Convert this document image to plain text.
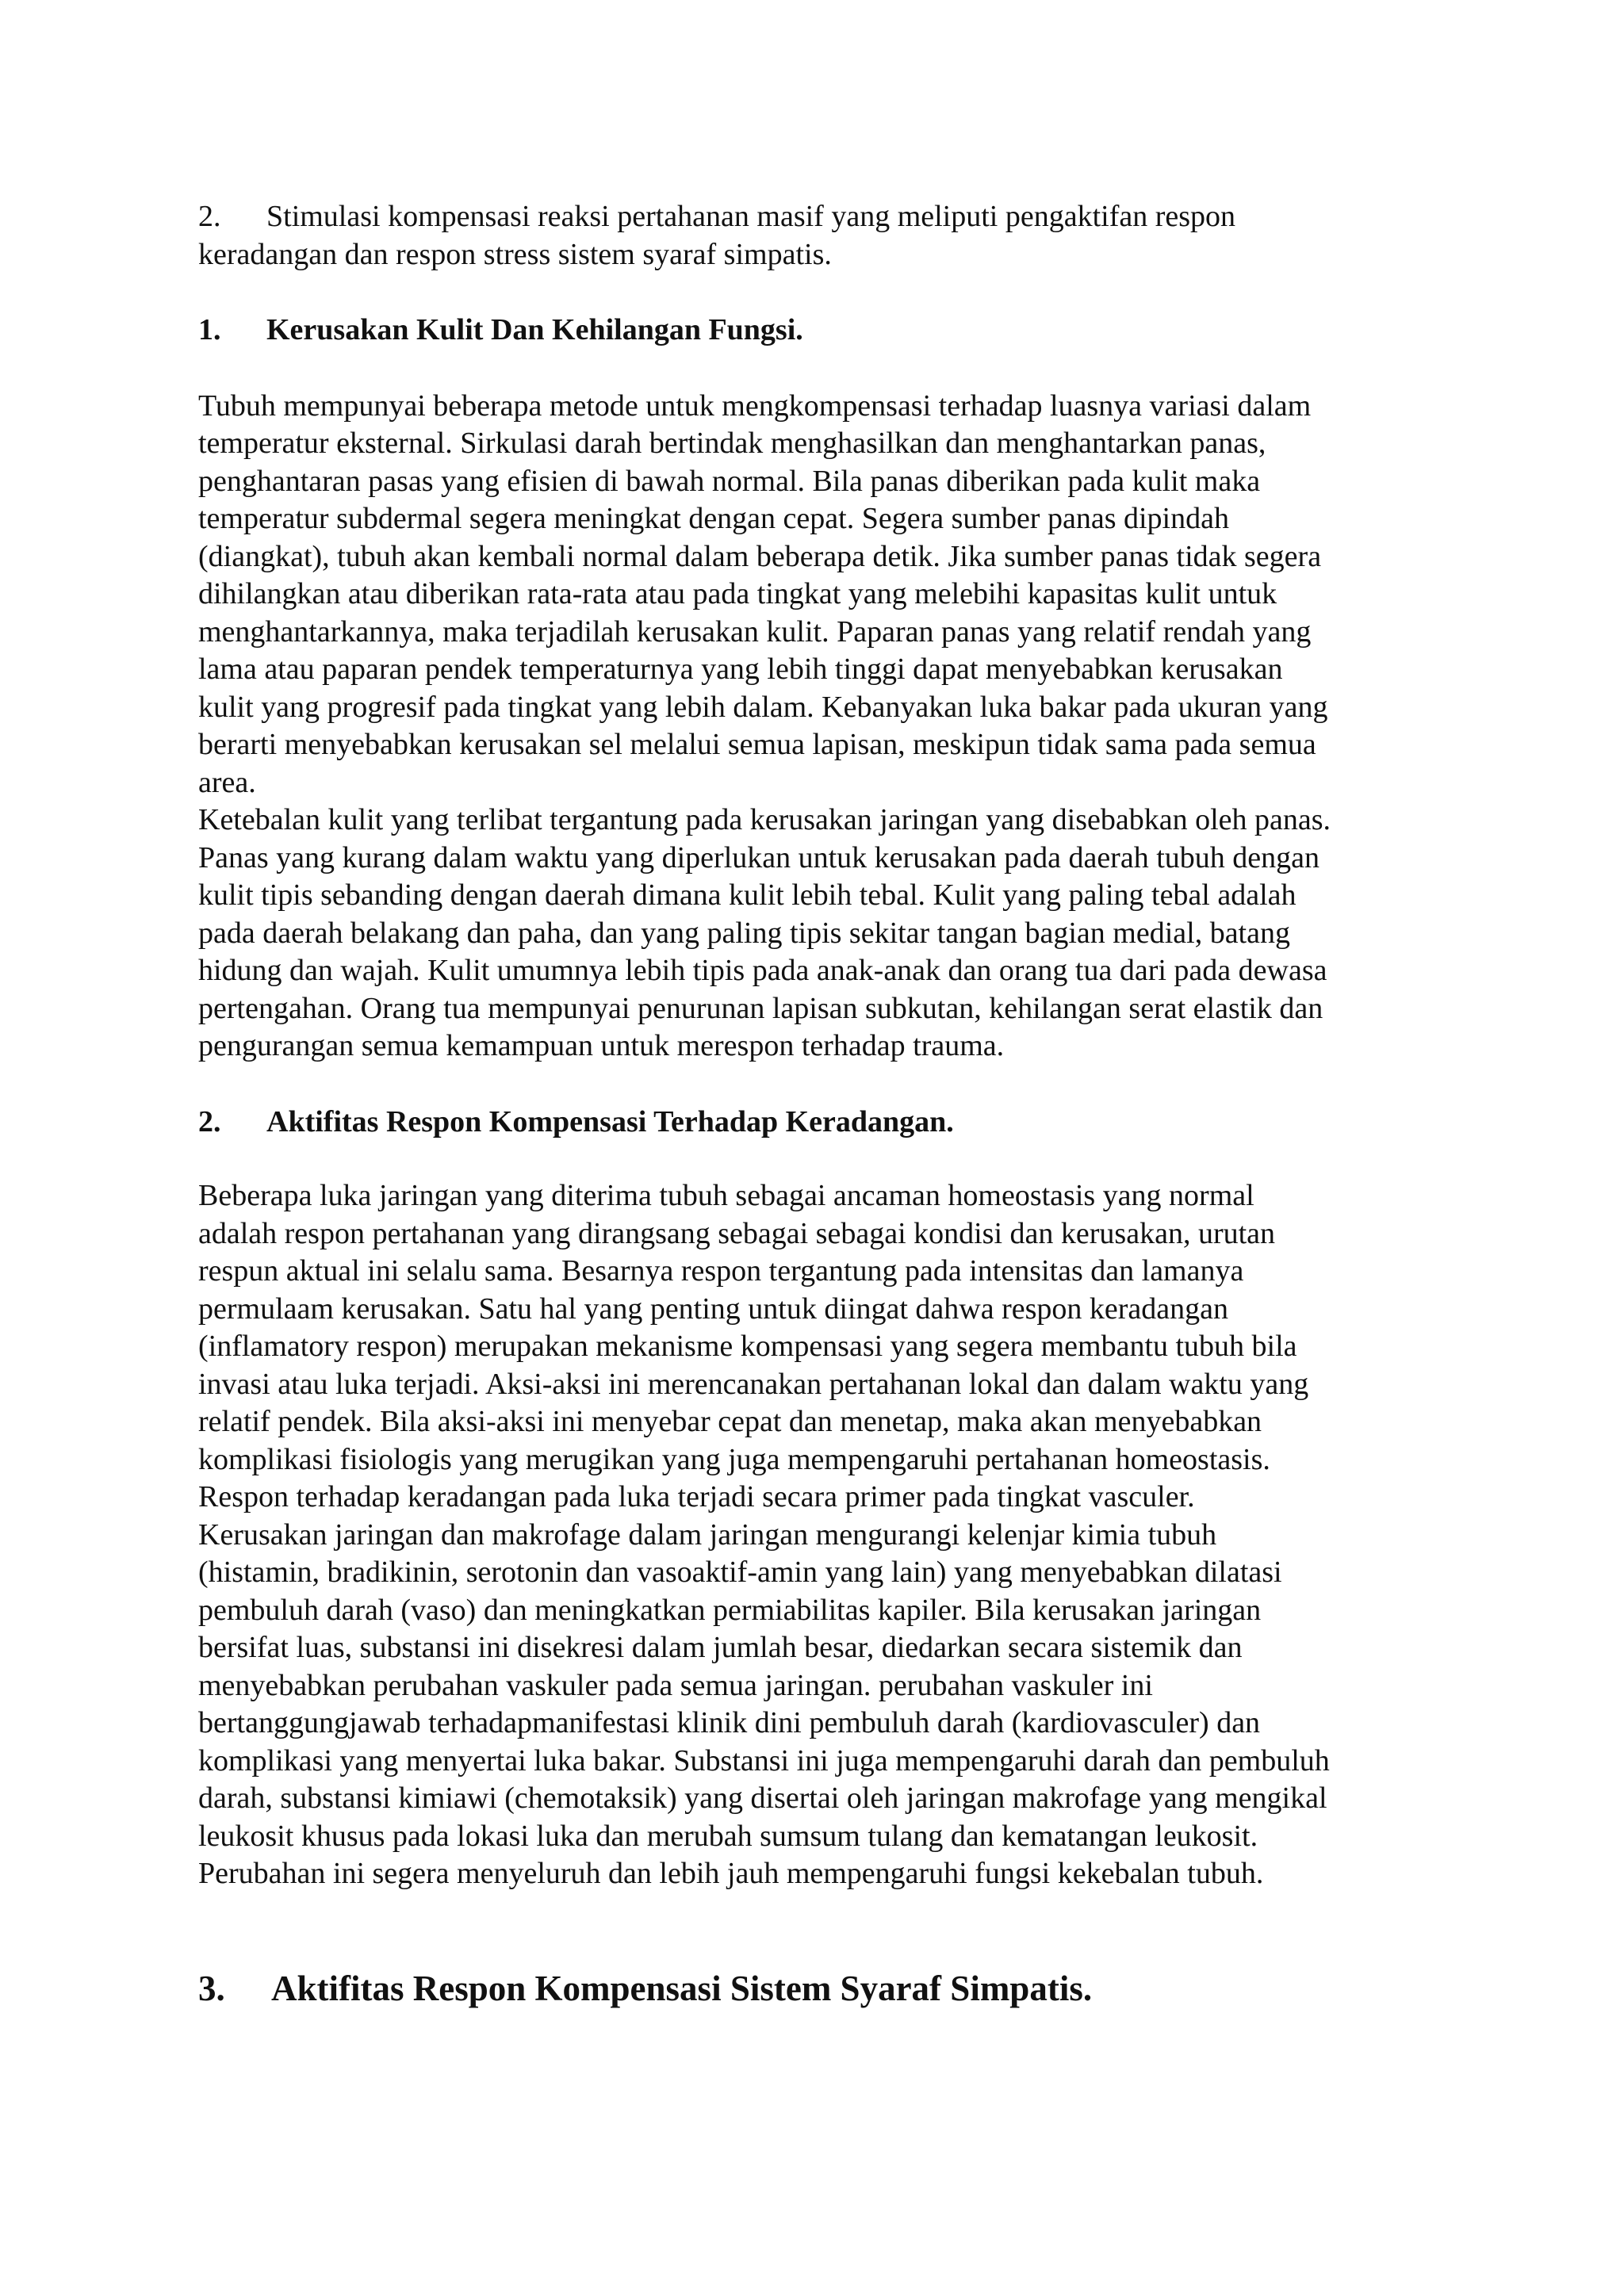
2. Stimulasi kompensasi reaksi pertahanan masif yang meliputi pengaktifan respon
keradangan dan respon stress sistem syaraf simpatis.

1. Kerusakan Kulit Dan Kehilangan Fungsi.

Tubuh mempunyai beberapa metode untuk mengkompensasi terhadap luasnya variasi dalam
temperatur eksternal. Sirkulasi darah bertindak menghasilkan dan menghantarkan panas,
penghantaran pasas yang efisien di bawah normal. Bila panas diberikan pada kulit maka
temperatur subdermal segera meningkat dengan cepat. Segera sumber panas dipindah
(diangkat), tubuh akan kembali normal dalam beberapa detik. Jika sumber panas tidak segera
dihilangkan atau diberikan rata-rata atau pada tingkat yang melebihi kapasitas kulit untuk
menghantarkannya, maka terjadilah kerusakan kulit. Paparan panas yang relatif rendah yang
lama atau paparan pendek temperaturnya yang lebih tinggi dapat menyebabkan kerusakan
kulit yang progresif pada tingkat yang lebih dalam. Kebanyakan luka bakar pada ukuran yang
berarti menyebabkan kerusakan sel melalui semua lapisan, meskipun tidak sama pada semua
area.
Ketebalan kulit yang terlibat tergantung pada kerusakan jaringan yang disebabkan oleh panas.
Panas yang kurang dalam waktu yang diperlukan untuk kerusakan pada daerah tubuh dengan
kulit tipis sebanding dengan daerah dimana kulit lebih tebal. Kulit yang paling tebal adalah
pada daerah belakang dan paha, dan yang paling tipis sekitar tangan bagian medial, batang
hidung dan wajah. Kulit umumnya lebih tipis pada anak-anak dan orang tua dari pada dewasa
pertengahan. Orang tua mempunyai penurunan lapisan subkutan, kehilangan serat elastik dan
pengurangan semua kemampuan untuk merespon terhadap trauma.

2. Aktifitas Respon Kompensasi Terhadap Keradangan.

Beberapa luka jaringan yang diterima tubuh sebagai ancaman homeostasis yang normal
adalah respon pertahanan yang dirangsang sebagai sebagai kondisi dan kerusakan, urutan
respun aktual ini selalu sama. Besarnya respon tergantung pada intensitas dan lamanya
permulaam kerusakan. Satu hal yang penting untuk diingat dahwa respon keradangan
(inflamatory respon) merupakan mekanisme kompensasi yang segera membantu tubuh bila
invasi atau luka terjadi. Aksi-aksi ini merencanakan pertahanan lokal dan dalam waktu yang
relatif pendek. Bila aksi-aksi ini menyebar cepat dan menetap, maka akan menyebabkan
komplikasi fisiologis yang merugikan yang juga mempengaruhi pertahanan homeostasis.
Respon terhadap keradangan pada luka terjadi secara primer pada tingkat vasculer.
Kerusakan jaringan dan makrofage dalam jaringan mengurangi kelenjar kimia tubuh
(histamin, bradikinin, serotonin dan vasoaktif-amin yang lain) yang menyebabkan dilatasi
pembuluh darah (vaso) dan meningkatkan permiabilitas kapiler. Bila kerusakan jaringan
bersifat luas, substansi ini disekresi dalam jumlah besar, diedarkan secara sistemik dan
menyebabkan perubahan vaskuler pada semua jaringan. perubahan vaskuler ini
bertanggungjawab terhadapmanifestasi klinik dini pembuluh darah (kardiovasculer) dan
komplikasi yang menyertai luka bakar. Substansi ini juga mempengaruhi darah dan pembuluh
darah, substansi kimiawi (chemotaksik) yang disertai oleh jaringan makrofage yang mengikal
leukosit khusus pada lokasi luka dan merubah sumsum tulang dan kematangan leukosit.
Perubahan ini segera menyeluruh dan lebih jauh mempengaruhi fungsi kekebalan tubuh.

3. Aktifitas Respon Kompensasi Sistem Syaraf Simpatis.
